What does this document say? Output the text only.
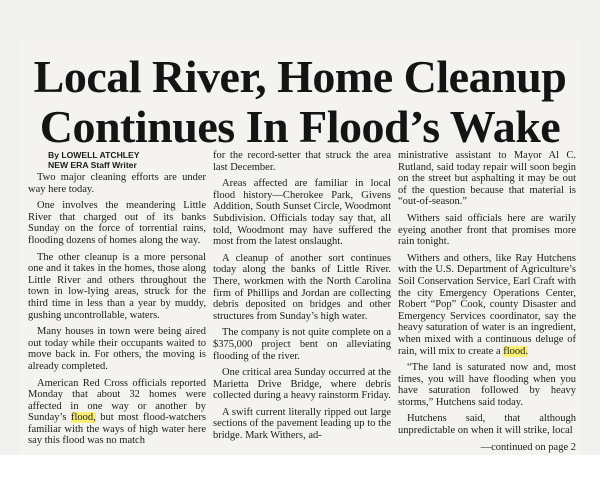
Local River, Home Cleanup
Continues In Flood’s Wake
By LOWELL ATCHLEY
NEW ERA Staff Writer

Two major cleaning efforts are under way here today.

One involves the meandering Little River that charged out of its banks Sunday on the force of torrential rains, flooding dozens of homes along the way.

The other cleanup is a more personal one and it takes in the homes, those along Little River and others throughout the town in low-lying areas, struck for the third time in less than a year by muddy, gushing uncontrollable, waters.

Many houses in town were being aired out today while their occupants waited to move back in. For others, the moving is already completed.

American Red Cross officials reported Monday that about 32 homes were affected in one way or another by Sunday’s flood, but most flood-watchers familiar with the ways of high water here say this flood was no match

for the record-setter that struck the area last December.

Areas affected are familiar in local flood history—Cherokee Park, Givens Addition, South Sunset Circle, Woodmont Subdivision. Officials today say that, all told, Woodmont may have suffered the most from the latest onslaught.

A cleanup of another sort continues today along the banks of Little River. There, workmen with the North Carolina firm of Phillips and Jordan are collecting debris deposited on bridges and other structures from Sunday’s high water.

The company is not quite complete on a $375,000 project bent on alleviating flooding of the river.

One critical area Sunday occurred at the Marietta Drive Bridge, where debris collected during a heavy rainstorm Friday.

A swift current literally ripped out large sections of the pavement leading up to the bridge. Mark Withers, ad-

ministrative assistant to Mayor Al C. Rutland, said today repair will soon begin on the street but asphalting it may be out of the question because that material is “out-of-season.”

Withers said officials here are warily eyeing another front that promises more rain tonight.

Withers and others, like Ray Hutchens with the U.S. Department of Agriculture’s Soil Conservation Service, Earl Craft with the city Emergency Operations Center, Robert “Pop” Cook, county Disaster and Emergency Services coordinator, say the heavy saturation of water is an ingredient, when mixed with a continuous deluge of rain, will mix to create a flood.

“The land is saturated now and, most times, you will have flooding when you have saturation followed by heavy storms,” Hutchens said today.

Hutchens said, that although unpredictable on when it will strike, local

—continued on page 2
